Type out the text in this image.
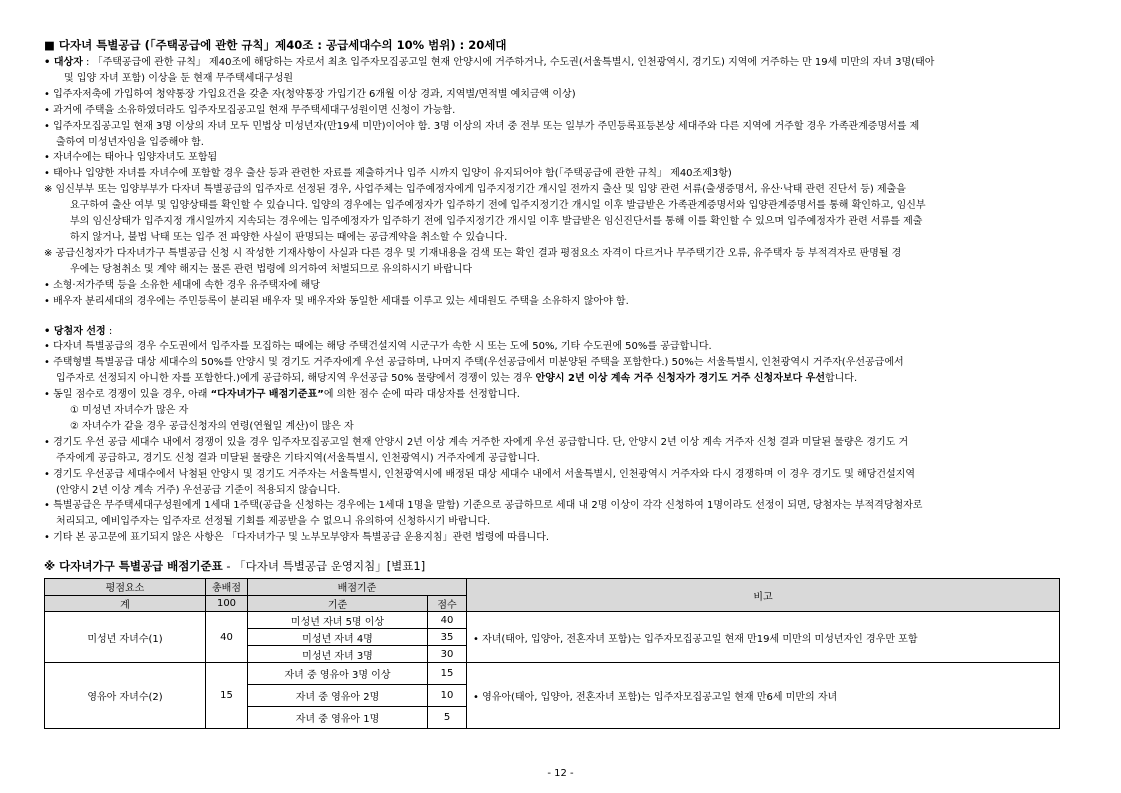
■ 다자녀 특별공급 (「주택공급에 관한 규칙」제40조 : 공급세대수의 10% 범위) : 20세대
• 대상자 : 「주택공급에 관한 규칙」 제40조에 해당하는 자로서 최초 입주자모집공고일 현재 안양시에 거주하거나, 수도권(서울특별시, 인천광역시, 경기도) 지역에 거주하는 만 19세 미만의 자녀 3명(태아
및 입양 자녀 포함) 이상을 둔 현재 무주택세대구성원
• 입주자저축에 가입하여 청약통장 가입요건을 갖춘 자(청약통장 가입기간 6개월 이상 경과, 지역별/면적별 예치금액 이상)
• 과거에 주택을 소유하였더라도 입주자모집공고일 현재 무주택세대구성원이면 신청이 가능함.
• 입주자모집공고일 현재 3명 이상의 자녀 모두 민법상 미성년자(만19세 미만)이어야 함. 3명 이상의 자녀 중 전부 또는 일부가 주민등록표등본상 세대주와 다른 지역에 거주할 경우 가족관계증명서를 제
출하여 미성년자임을 입증해야 함.
• 자녀수에는 태아나 입양자녀도 포함됨
• 태아나 입양한 자녀를 자녀수에 포함할 경우 출산 등과 관련한 자료를 제출하거나 입주 시까지 입양이 유지되어야 함(「주택공급에 관한 규칙」 제40조제3항)
※ 임신부부 또는 입양부부가 다자녀 특별공급의 입주자로 선정된 경우, 사업주체는 입주예정자에게 입주지정기간 개시일 전까지 출산 및 입양 관련 서류(출생증명서, 유산·낙태 관련 진단서 등) 제출을
요구하여 출산 여부 및 입양상태를 확인할 수 있습니다. 입양의 경우에는 입주예정자가 입주하기 전에 입주지정기간 개시일 이후 발급받은 가족관계증명서와 입양관계증명서를 통해 확인하고, 임신부
부의 임신상태가 입주지정 개시일까지 지속되는 경우에는 입주예정자가 입주하기 전에 입주지정기간 개시일 이후 발급받은 임신진단서를 통해 이를 확인할 수 있으며 입주예정자가 관련 서류를 제출
하지 않거나, 불법 낙태 또는 입주 전 파양한 사실이 판명되는 때에는 공급계약을 취소할 수 있습니다.
※ 공급신청자가 다자녀가구 특별공급 신청 시 작성한 기재사항이 사실과 다른 경우 및 기재내용을 검색 또는 확인 결과 평점요소 자격이 다르거나 무주택기간 오류, 유주택자 등 부적격자로 판명될 경
우에는 당첨취소 및 계약 해지는 물론 관련 법령에 의거하여 처벌되므로 유의하시기 바랍니다
• 소형·저가주택 등을 소유한 세대에 속한 경우 유주택자에 해당
• 배우자 분리세대의 경우에는 주민등록이 분리된 배우자 및 배우자와 동일한 세대를 이루고 있는 세대원도 주택을 소유하지 않아야 함.
• 당첨자 선정 :
• 다자녀 특별공급의 경우 수도권에서 입주자를 모집하는 때에는 해당 주택건설지역 시군구가 속한 시 또는 도에 50%, 기타 수도권에 50%를 공급합니다.
• 주택형별 특별공급 대상 세대수의 50%를 안양시 및 경기도 거주자에게 우선 공급하며, 나머지 주택(우선공급에서 미분양된 주택을 포함한다.) 50%는 서울특별시, 인천광역시 거주자(우선공급에서
입주자로 선정되지 아니한 자를 포함한다.)에게 공급하되, 해당지역 우선공급 50% 물량에서 경쟁이 있는 경우 안양시 2년 이상 계속 거주 신청자가 경기도 거주 신청자보다 우선합니다.
• 동일 점수로 경쟁이 있을 경우, 아래 “다자녀가구 배점기준표”에 의한 점수 순에 따라 대상자를 선정합니다.
① 미성년 자녀수가 많은 자
② 자녀수가 같을 경우 공급신청자의 연령(연월일 계산)이 많은 자
• 경기도 우선 공급 세대수 내에서 경쟁이 있을 경우 입주자모집공고일 현재 안양시 2년 이상 계속 거주한 자에게 우선 공급합니다. 단, 안양시 2년 이상 계속 거주자 신청 결과 미달된 물량은 경기도 거
주자에게 공급하고, 경기도 신청 결과 미달된 물량은 기타지역(서울특별시, 인천광역시) 거주자에게 공급합니다.
• 경기도 우선공급 세대수에서 낙첨된 안양시 및 경기도 거주자는 서울특별시, 인천광역시에 배정된 대상 세대수 내에서 서울특별시, 인천광역시 거주자와 다시 경쟁하며 이 경우 경기도 및 해당건설지역
(안양시 2년 이상 계속 거주) 우선공급 기준이 적용되지 않습니다.
• 특별공급은 무주택세대구성원에게 1세대 1주택(공급을 신청하는 경우에는 1세대 1명을 말함) 기준으로 공급하므로 세대 내 2명 이상이 각각 신청하여 1명이라도 선정이 되면, 당첨자는 부적격당첨자로
처리되고, 예비입주자는 입주자로 선정될 기회를 제공받을 수 없으니 유의하여 신청하시기 바랍니다.
• 기타 본 공고문에 표기되지 않은 사항은 「다자녀가구 및 노부모부양자 특별공급 운용지침」관련 법령에 따릅니다.
※ 다자녀가구 특별공급 배점기준표 - 「다자녀 특별공급 운영지침」[별표1]
평점요소	총배점	배점기준		비고
계	100	기준	점수	
미성년 자녀수(1)	40	미성년 자녀 5명 이상	40	• 자녀(태아, 입양아, 전혼자녀 포함)는 입주자모집공고일 현재 만19세 미만의 미성년자인 경우만 포함
		미성년 자녀 4명	35	
		미성년 자녀 3명	30	
영유아 자녀수(2)	15	자녀 중 영유아 3명 이상	15	• 영유아(태아, 입양아, 전혼자녀 포함)는 입주자모집공고일 현재 만6세 미만의 자녀
		자녀 중 영유아 2명	10	
		자녀 중 영유아 1명	5	
- 12 -
